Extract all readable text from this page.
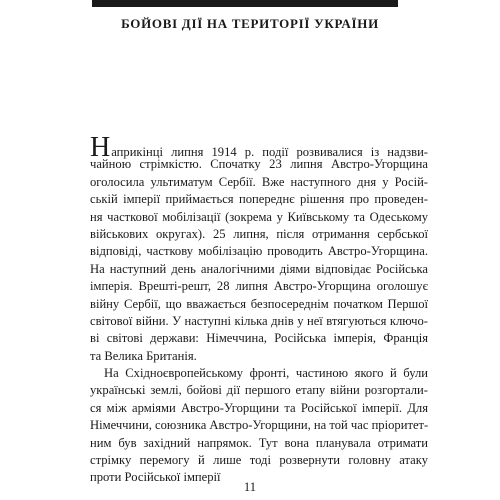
БОЙОВІ ДІЇ НА ТЕРИТОРІЇ УКРАЇНИ
Наприкінці липня 1914 р. події розвивалися із надзви-
чайною стрімкістю. Спочатку 23 липня Австро-Угорщина
оголосила ультиматум Сербії. Вже наступного дня у Росій-
ській імперії приймається попереднє рішення про проведен-
ня часткової мобілізації (зокрема у Київському та Одеському
військових округах). 25 липня, після отримання сербської
відповіді, часткову мобілізацію проводить Австро-Угорщина.
На наступний день аналогічними діями відповідає Російська
імперія. Врешті-решт, 28 липня Австро-Угорщина оголошує
війну Сербії, що вважається безпосереднім початком Першої
світової війни. У наступні кілька днів у неї втягуються ключо-
ві світові держави: Німеччина, Російська імперія, Франція
та Велика Британія.
На Східноєвропейському фронті, частиною якого й були
українські землі, бойові дії першого етапу війни розгортали-
ся між арміями Австро-Угорщини та Російської імперії. Для
Німеччини, союзника Австро-Угорщини, на той час пріоритет-
ним був західний напрямок. Тут вона планувала отримати
стрімку перемогу й лише тоді розвернути головну атаку
проти Російської імперії
11
